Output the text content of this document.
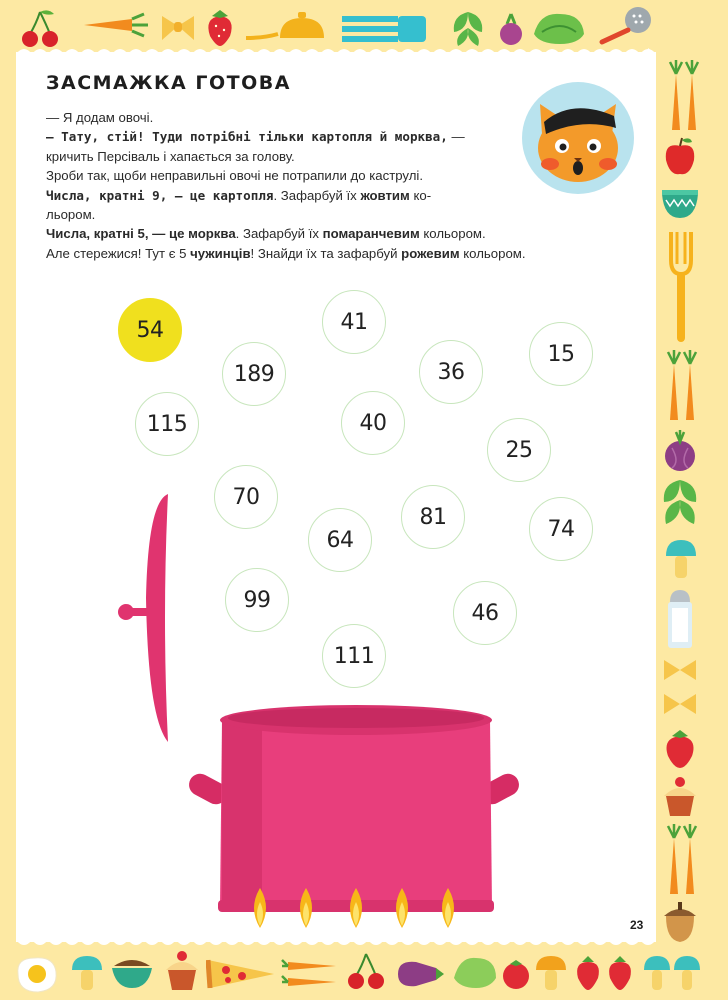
ЗАСМАЖКА ГОТОВА

— Я додам овочі.

— Тату, стій! Туди потрібні тільки картопля й морква, —

кричить Персіваль і хапається за голову.

Зроби так, щоби неправильні овочі не потрапили до каструлі.

Числа, кратні 9, — це картопля. Зафарбуй їх жовтим ко-

льором.

Числа, кратні 5, — це морква. Зафарбуй їх помаранчевим кольором.

Але стережися! Тут є 5 чужинців! Знайди їх та зафарбуй рожевим кольором.

54	41
15
189	36
115	40
25
70
81	74
64
99
46
111
23
